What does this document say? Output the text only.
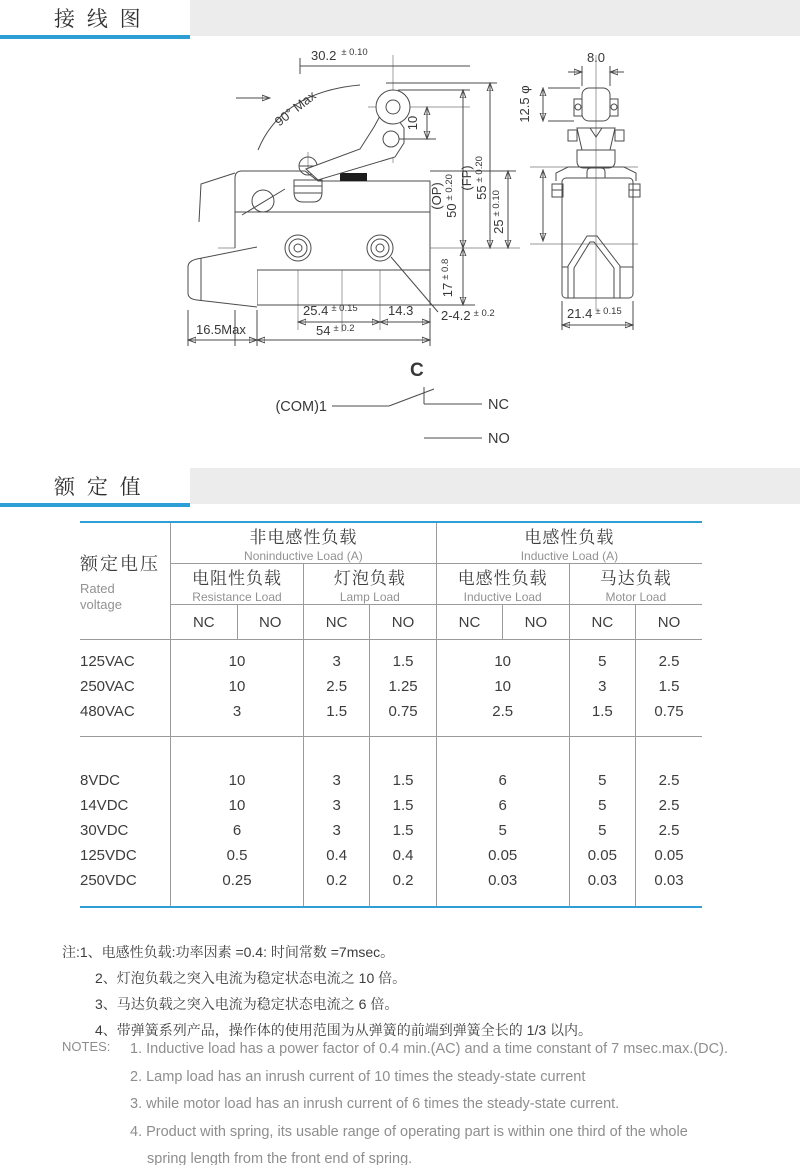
接 线 图
30.2 $^{\pm 0.10}$
90° Max	10
(OP)
$50^{\pm 0.20}$ (FP)
$55^{\pm 0.20}$
$25^{\pm 0.10}$
$17^{\pm 0.8}$
25.4 $^{\pm 0.15}$ 14.3
16.5Max	54 $^{\pm 0.2}$
2-4.2 $^{\pm 0.2}$
8.0
12.5 φ
21.4 $^{\pm 0.15}$
C
(COM)1	NC
NO
额 定 值
额定电压
Rated
voltage

非电感性负载
Noninductive Load (A)

电感性负载
Inductive Load (A)

电阻性负载
Resistance Load

灯泡负载
Lamp Load

电感性负载
Inductive Load

马达负载
Motor Load

	NC	NO	NC	NO	NC	NO	NC	NO
125VAC	10		3	1.5	10		5	2.5
250VAC	10		2.5	1.25	10		3	1.5
480VAC	3		1.5	0.75	2.5		1.5	0.75
8VDC	10		3	1.5	6		5	2.5
14VDC	10		3	1.5	6		5	2.5
30VDC	6		3	1.5	5		5	2.5
125VDC	0.5		0.4	0.4	0.05		0.05	0.05
250VDC	0.25		0.2	0.2	0.03		0.03	0.03
注:1、电感性负载:功率因素 =0.4: 时间常数 =7msec。
2、灯泡负载之突入电流为稳定状态电流之 10 倍。
3、马达负载之突入电流为稳定状态电流之 6 倍。
4、带弹簧系列产品，操作体的使用范围为从弹簧的前端到弹簧全长的 1/3 以内。
NOTES: 1. Inductive load has a power factor of 0.4 min.(AC) and a time constant of 7 msec.max.(DC).
2. Lamp load has an inrush current of 10 times the steady-state current
3. while motor load has an inrush current of 6 times the steady-state current.
4. Product with spring, its usable range of operating part is within one third of the whole spring length from the front end of spring.
